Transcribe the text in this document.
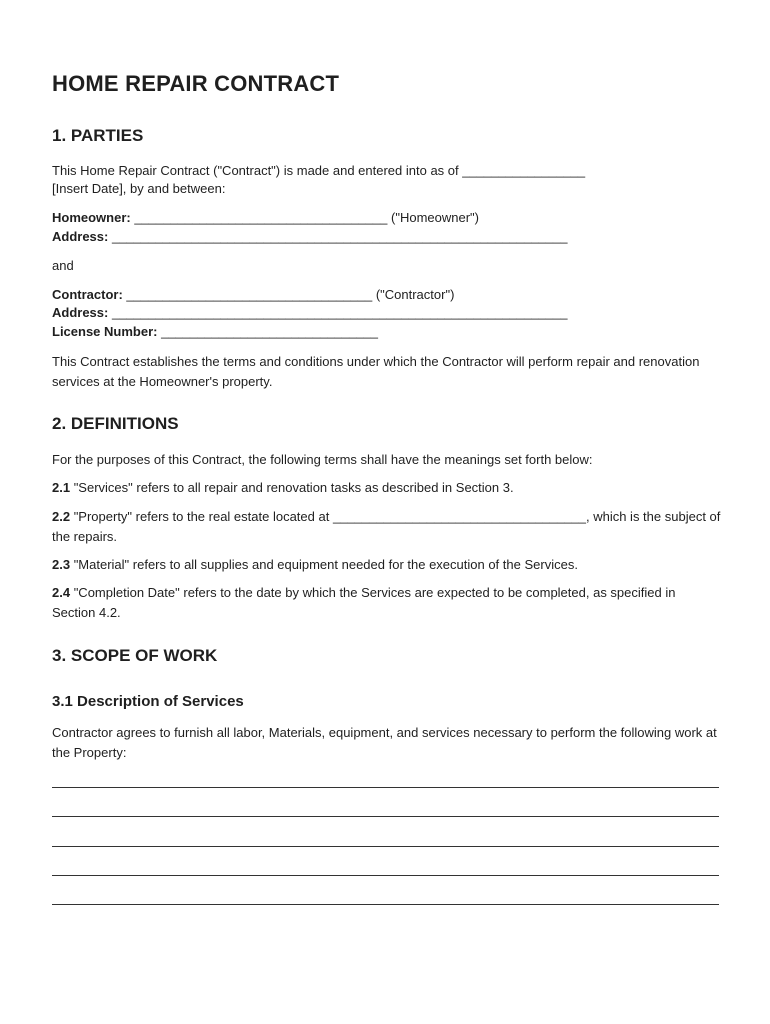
HOME REPAIR CONTRACT
1. PARTIES

This Home Repair Contract ("Contract") is made and entered into as of _________________

[Insert Date], by and between:

Homeowner: ___________________________________ ("Homeowner")

Address: _______________________________________________________________

and

Contractor: __________________________________ ("Contractor")

Address: _______________________________________________________________

License Number: ______________________________

This Contract establishes the terms and conditions under which the Contractor will perform repair and renovation services at the Homeowner's property.

2. DEFINITIONS

For the purposes of this Contract, the following terms shall have the meanings set forth below:

2.1 "Services" refers to all repair and renovation tasks as described in Section 3.

2.2 "Property" refers to the real estate located at ___________________________________, which is the subject of the repairs.

2.3 "Material" refers to all supplies and equipment needed for the execution of the Services.

2.4 "Completion Date" refers to the date by which the Services are expected to be completed, as specified in Section 4.2.

3. SCOPE OF WORK
3.1 Description of Services

Contractor agrees to furnish all labor, Materials, equipment, and services necessary to perform the following work at the Property:
